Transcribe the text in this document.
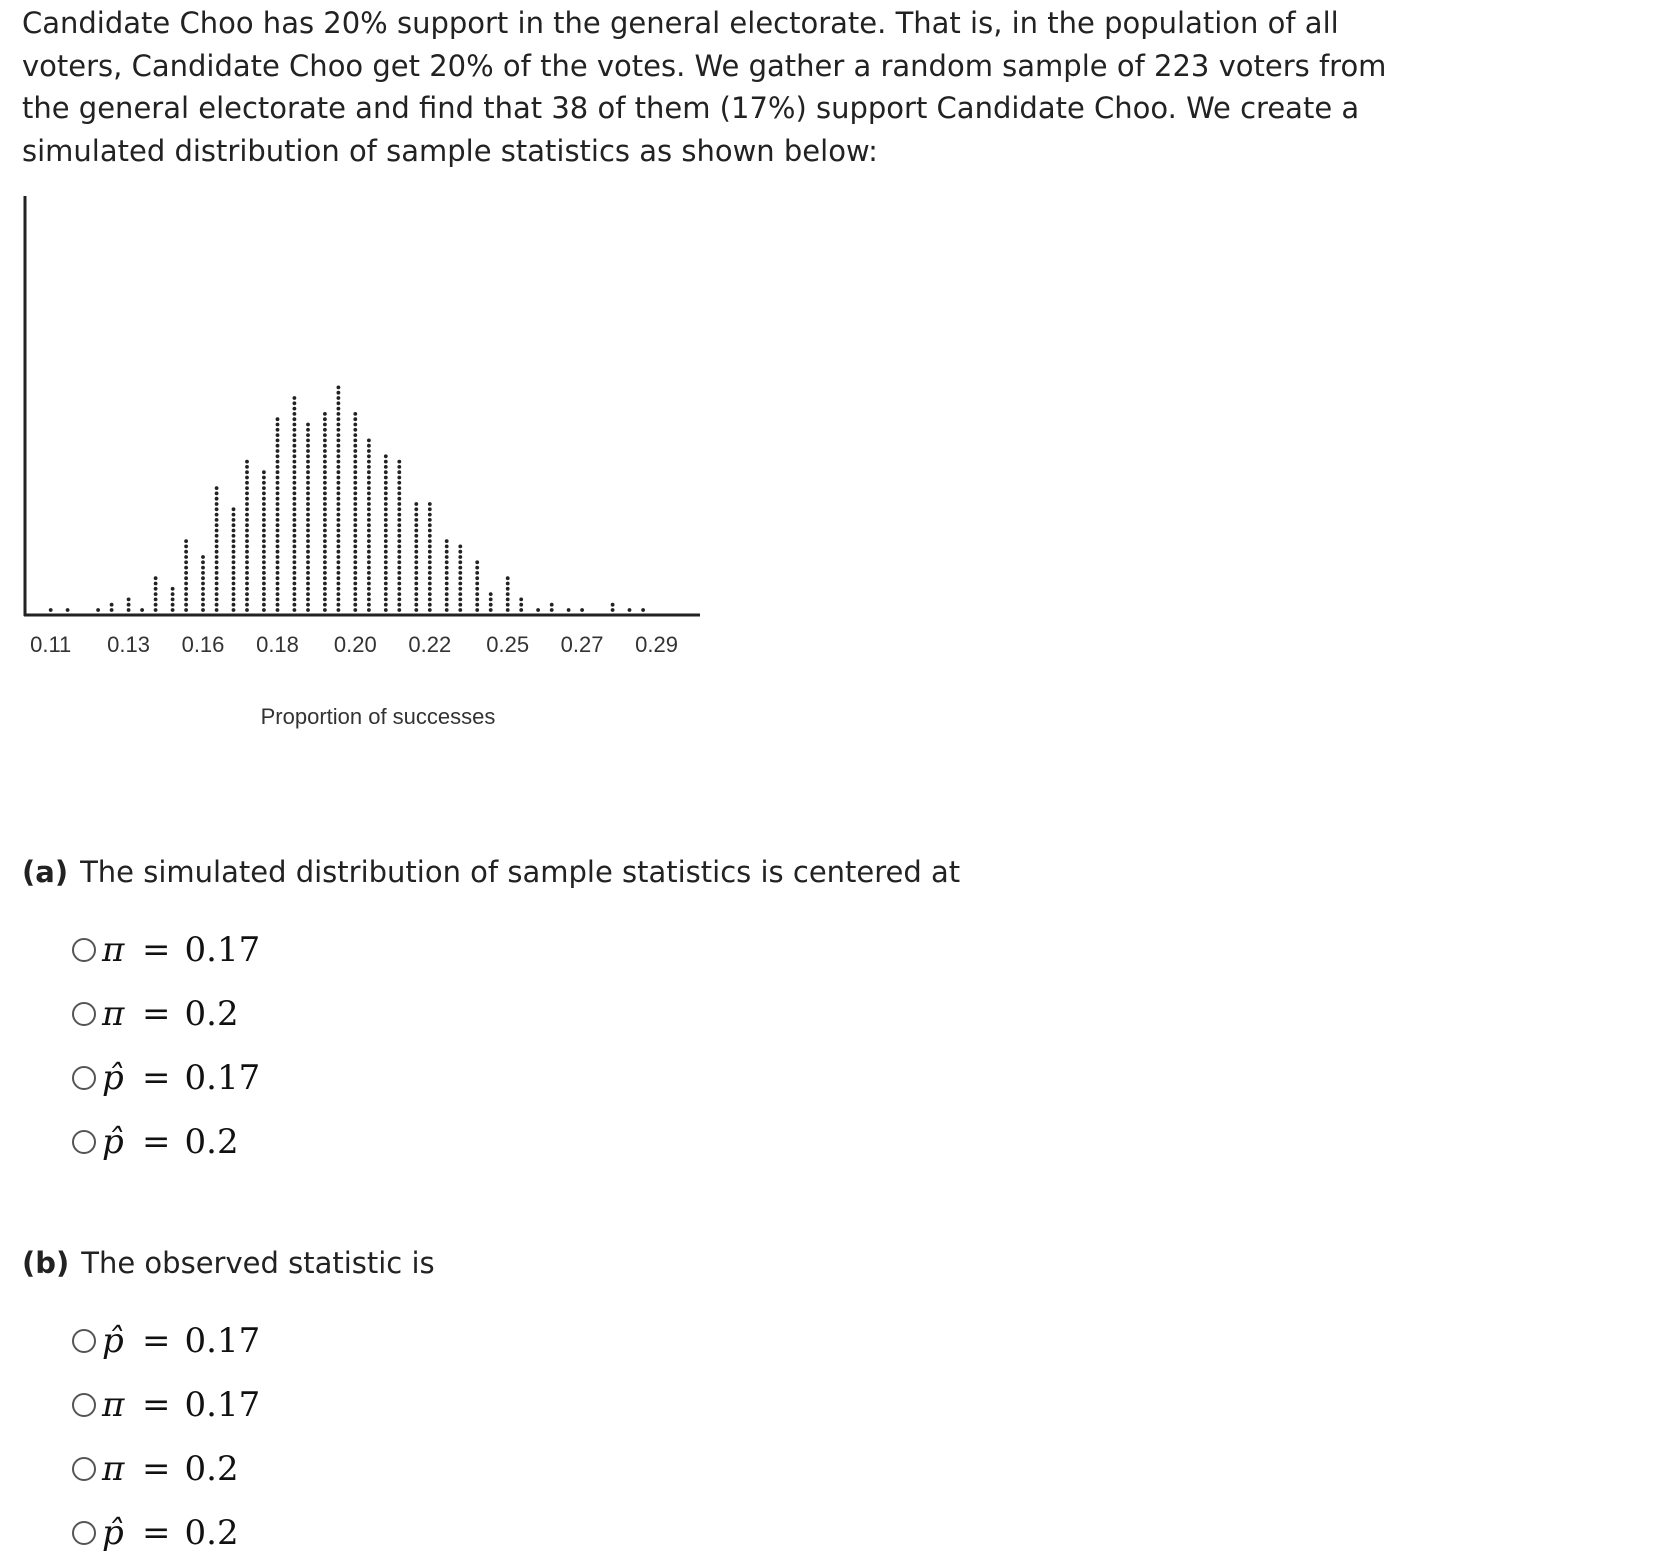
Candidate Choo has 20% support in the general electorate. That is, in the population of all voters, Candidate Choo get 20% of the votes. We gather a random sample of 223 voters from the general electorate and find that 38 of them (17%) support Candidate Choo. We create a simulated distribution of sample statistics as shown below:

0.11 0.13 0.16 0.18 0.20 0.22 0.25 0.27 0.29
Proportion of successes

(a) The simulated distribution of sample statistics is centered at

π = 0.17
π = 0.2
p̂ = 0.17
p̂ = 0.2

(b) The observed statistic is

p̂ = 0.17
π = 0.17
π = 0.2
p̂ = 0.2
